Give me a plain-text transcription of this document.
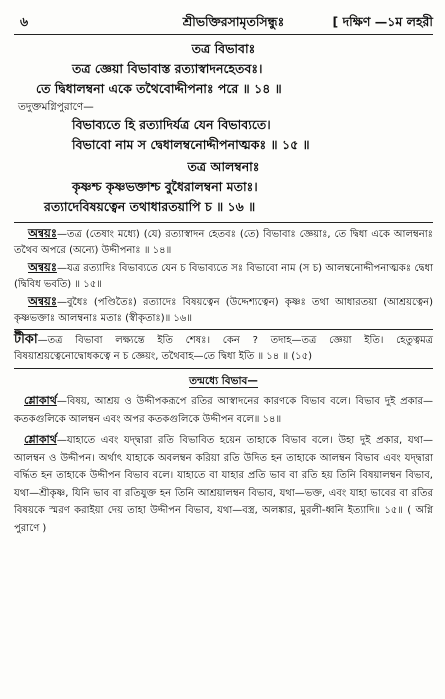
৬	শ্রীভক্তিরসামৃতসিন্ধুঃ	[ দক্ষিণ —১ম লহরী
তত্র বিভাবাঃ
তত্র জ্ঞেয়া বিভাবাস্ত রত্যাস্বাদনহেতবঃ।
তে দ্বিধালম্বনা একে তথৈবোদ্দীপনাঃ পরে ॥ ১৪ ॥
তদুক্তমগ্নিপুরাণে—
বিভাব্যতে হি রত্যাদির্যত্র যেন বিভাব্যতে।
বিভাবো নাম স দ্বেধালম্বনোদ্দীপনাত্মকঃ ॥ ১৫ ॥
তত্র আলম্বনাঃ
কৃষ্ণশ্চ কৃষ্ণভক্তাশ্চ বুধৈরালম্বনা মতাঃ।
রত্যাদেবিষয়ত্বেন তথাধারতয়াপি চ ॥ ১৬ ॥

অন্বয়ঃ—তত্র (তেষাং মধ্যে) (যে) রত্যাস্বাদন হেতবঃ (তে) বিভাবাঃ জ্ঞেয়াঃ, তে দ্বিধা একে আলম্বনাঃ তথৈব অপরে (অন্যে) উদ্দীপনাঃ ॥ ১৪॥

অন্বয়ঃ—যত্র রত্যাদিঃ বিভাব্যতে যেন চ বিভাব্যতে সঃ বিভাবো নাম (স চ) আলম্বনোদ্দীপনাত্মকঃ দ্বেধা (দ্বিবিধ ভবতি) ॥ ১৫॥

অন্বয়ঃ—বুধৈঃ (পণ্ডিতৈঃ) রত্যাদেঃ বিষয়ত্বেন (উদ্দেশ্যত্বেন) কৃষ্ণঃ তথা আধারতয়া (আশ্রয়ত্বেন) কৃষ্ণভক্তাঃ আলম্বনাঃ মতাঃ (স্বীকৃতাঃ)॥ ১৬॥

টীকা—তত্র বিভাবা লক্ষ্যন্তে ইতি শেষঃ। কেন ? তদাহ—তত্র জ্ঞেয়া ইতি। হেতুত্বমত্র বিষয়াশ্রয়ত্বেনোদ্বোধকত্বে ন চ জ্ঞেয়ং, তথৈবাহ—তে দ্বিধা ইতি ॥ ১৪ ॥ (১৫)

তন্মধ্যে বিভাব—

শ্লোকার্থ—বিষয়, আশ্রয় ও উদ্দীপকরূপে রতির আস্বাদনের কারণকে বিভাব বলে। বিভাব দুই প্রকার—কতকগুলিকে আলম্বন এবং অপর কতকগুলিকে উদ্দীপন বলে॥ ১৪॥

শ্লোকার্থ—যাহাতে এবং যদ্দ্বারা রতি বিভাবিত হয়েন তাহাকে বিভাব বলে। উহা দুই প্রকার, যথা—আলম্বন ও উদ্দীপন। অর্থাৎ যাহাকে অবলম্বন করিয়া রতি উদিত হন তাহাকে আলম্বন বিভাব এবং যদ্দ্বারা বর্দ্ধিত হন তাহাকে উদ্দীপন বিভাব বলে। যাহাতে বা যাহার প্রতি ভাব বা রতি হয় তিনি বিষয়ালম্বন বিভাব, যথা—শ্রীকৃষ্ণ, যিনি ভাব বা রতিযুক্ত হন তিনি আশ্রয়ালম্বন বিভাব, যথা—ভক্ত, এবং যাহা ভাবের বা রতির বিষয়কে স্মরণ করাইয়া দেয় তাহা উদ্দীপন বিভাব, যথা—বস্ত্র, অলঙ্কার, মুরলী-ধ্বনি ইত্যাদি॥ ১৫॥ ( অগ্নি পুরাণে )
